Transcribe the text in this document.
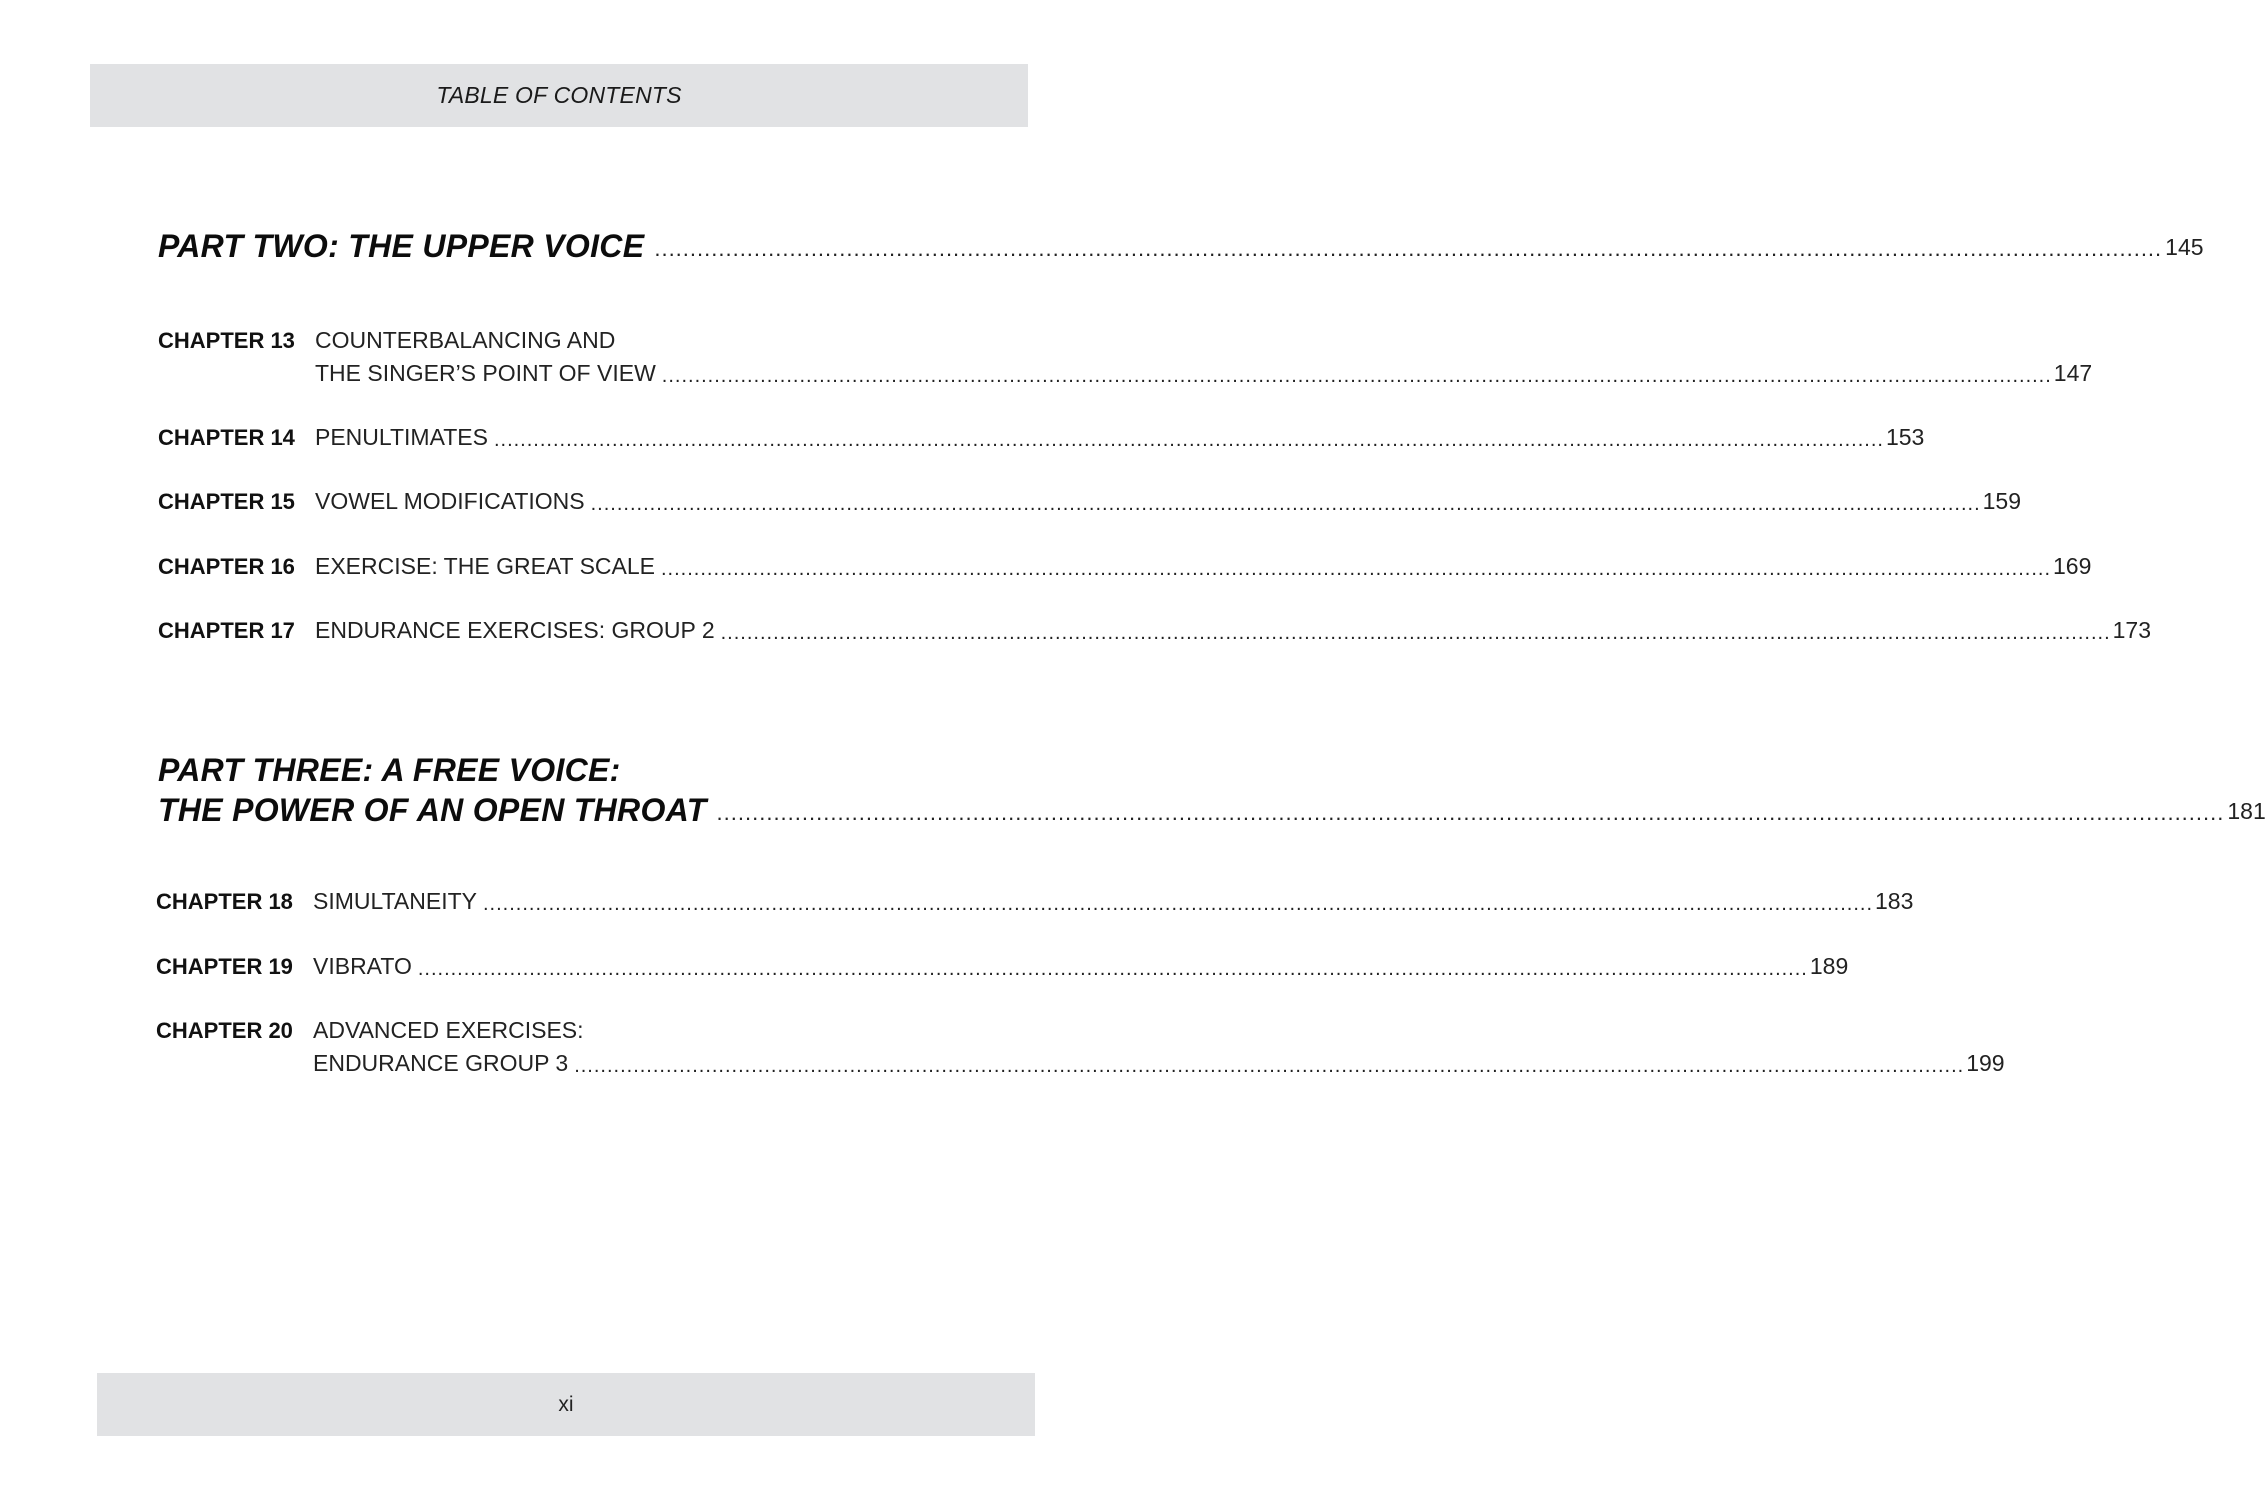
TABLE OF CONTENTS
PART TWO: THE UPPER VOICE .....	145
CHAPTER 13 COUNTERBALANCING AND
THE SINGER’S POINT OF VIEW .....	147
CHAPTER 14 PENULTIMATES .....	153
CHAPTER 15 VOWEL MODIFICATIONS .....	159
CHAPTER 16 EXERCISE: THE GREAT SCALE .....	169
CHAPTER 17 ENDURANCE EXERCISES: GROUP 2 .....	173
PART THREE: A FREE VOICE:
THE POWER OF AN OPEN THROAT .....	181
CHAPTER 18 SIMULTANEITY .....	183
CHAPTER 19 VIBRATO .....	189
CHAPTER 20 ADVANCED EXERCISES:
ENDURANCE GROUP 3 .....	199
xi
